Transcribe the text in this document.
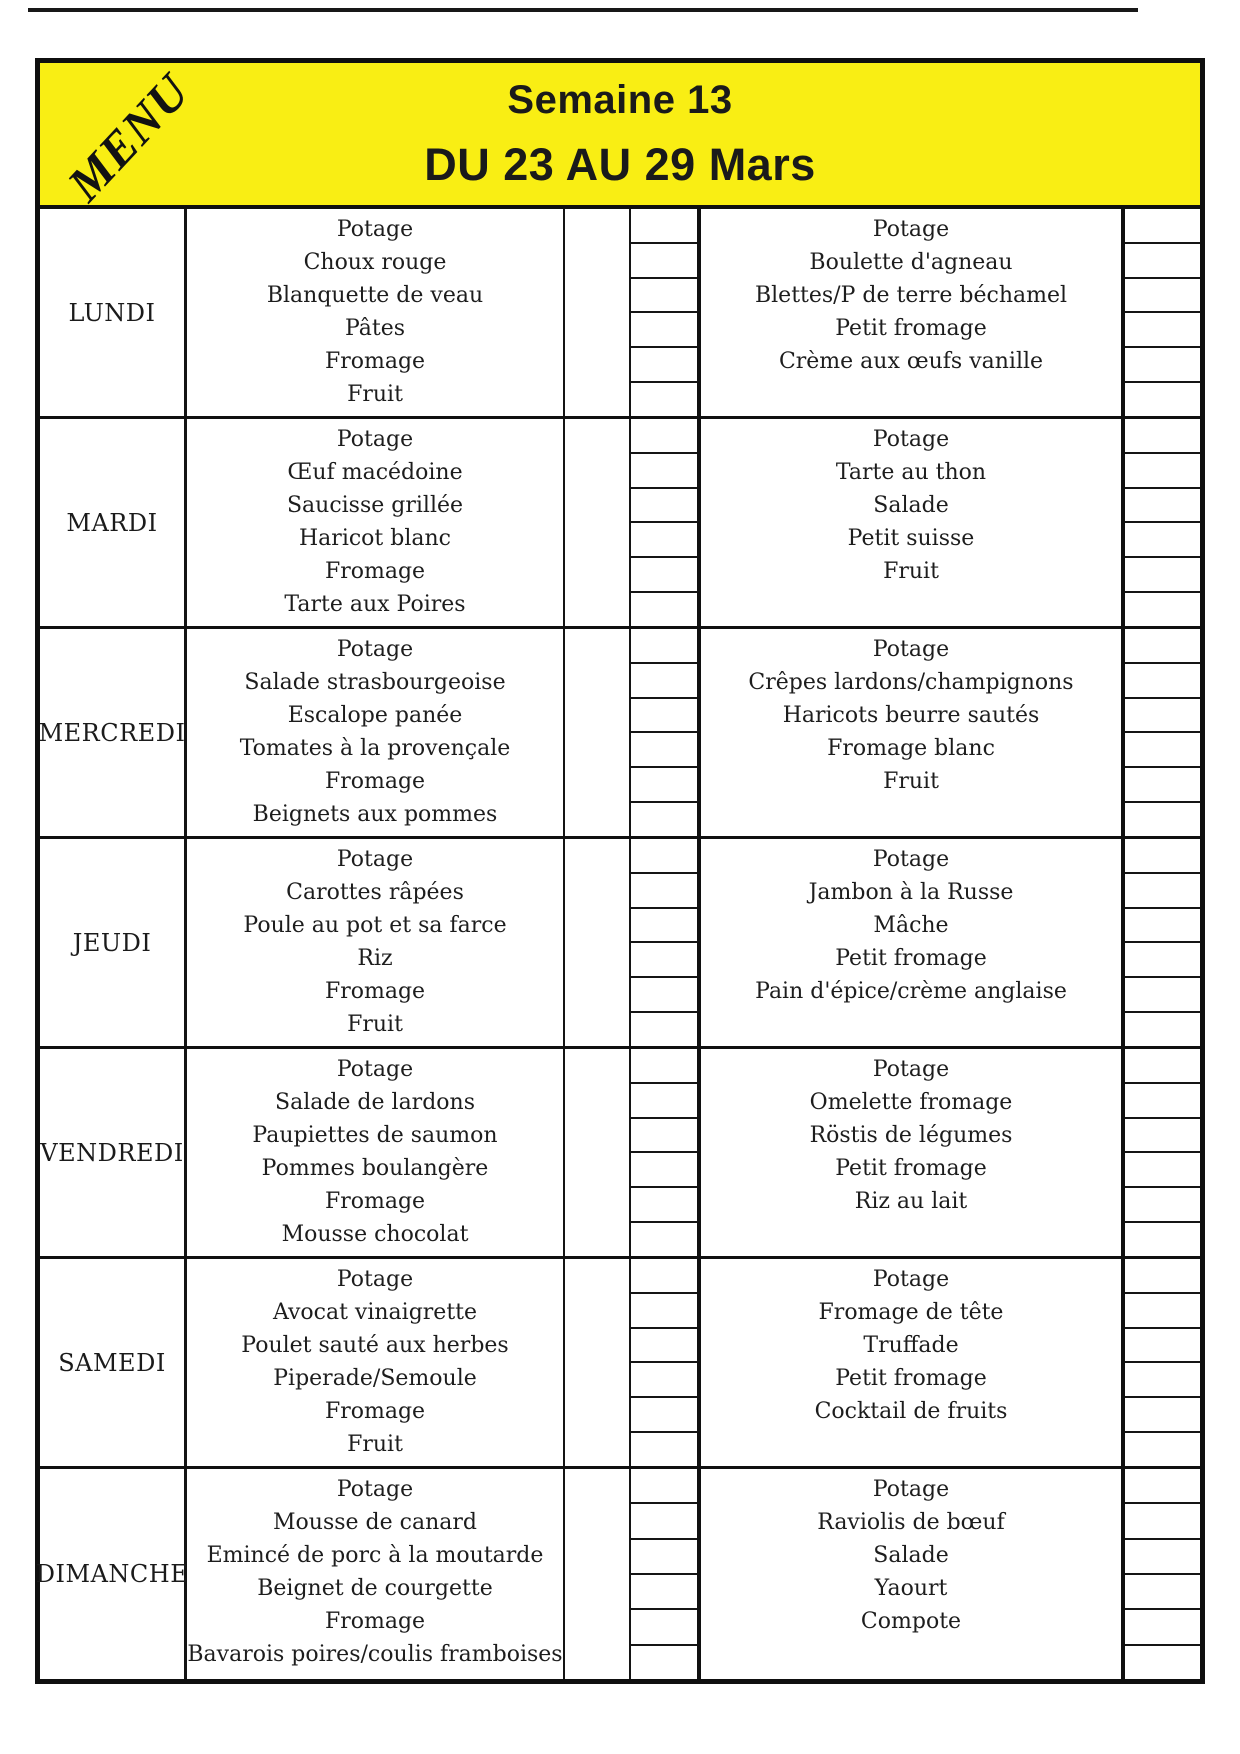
MENU	Semaine 13
DU 23 AU 29 Mars
LUNDI
Potage
Choux rouge
Blanquette de veau
Pâtes
Fromage
Fruit
Potage
Boulette d'agneau
Blettes/P de terre béchamel
Petit fromage
Crème aux œufs vanille
MARDI
Potage
Œuf macédoine
Saucisse grillée
Haricot blanc
Fromage
Tarte aux Poires
Potage
Tarte au thon
Salade
Petit suisse
Fruit
MERCREDI
Potage
Salade strasbourgeoise
Escalope panée
Tomates à la provençale
Fromage
Beignets aux pommes
Potage
Crêpes lardons/champignons
Haricots beurre sautés
Fromage blanc
Fruit
JEUDI
Potage
Carottes râpées
Poule au pot et sa farce
Riz
Fromage
Fruit
Potage
Jambon à la Russe
Mâche
Petit fromage
Pain d'épice/crème anglaise
VENDREDI
Potage
Salade de lardons
Paupiettes de saumon
Pommes boulangère
Fromage
Mousse chocolat
Potage
Omelette fromage
Röstis de légumes
Petit fromage
Riz au lait
SAMEDI
Potage
Avocat vinaigrette
Poulet sauté aux herbes
Piperade/Semoule
Fromage
Fruit
Potage
Fromage de tête
Truffade
Petit fromage
Cocktail de fruits
DIMANCHE
Potage
Mousse de canard
Emincé de porc à la moutarde
Beignet de courgette
Fromage
Bavarois poires/coulis framboises
Potage
Raviolis de bœuf
Salade
Yaourt
Compote
